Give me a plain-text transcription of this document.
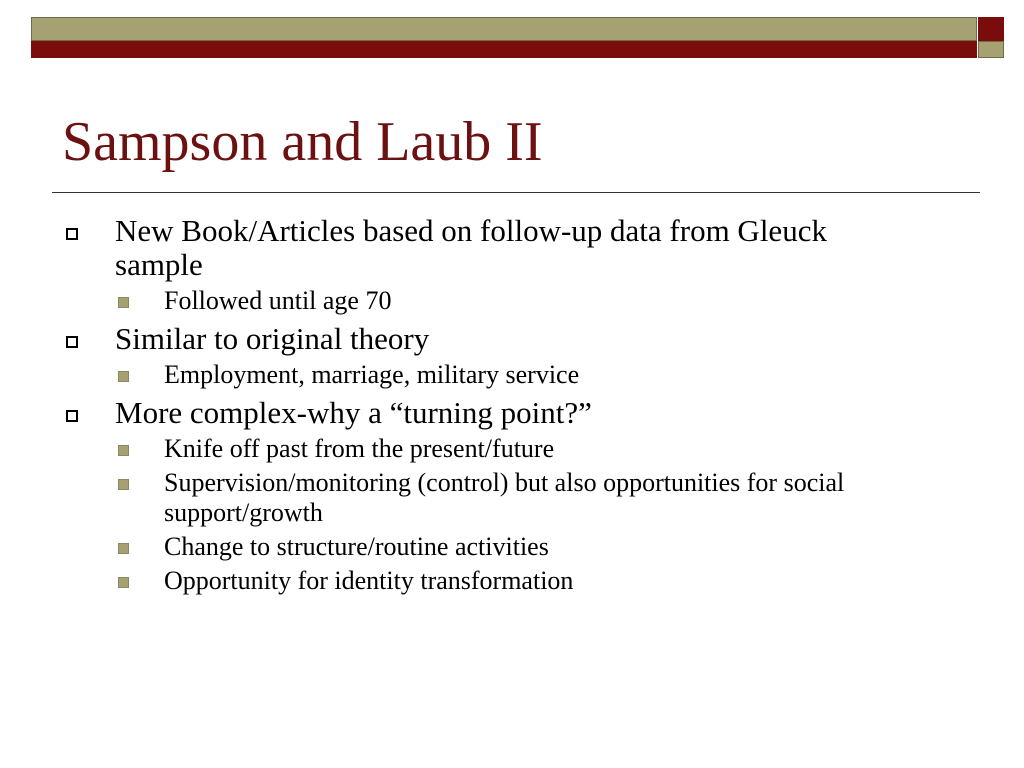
Sampson and Laub II
New Book/Articles based on follow-up data from Gleuck sample
Followed until age 70
Similar to original theory
Employment, marriage, military service
More complex-why a “turning point?”
Knife off past from the present/future
Supervision/monitoring (control) but also opportunities for social support/growth
Change to structure/routine activities
Opportunity for identity transformation
